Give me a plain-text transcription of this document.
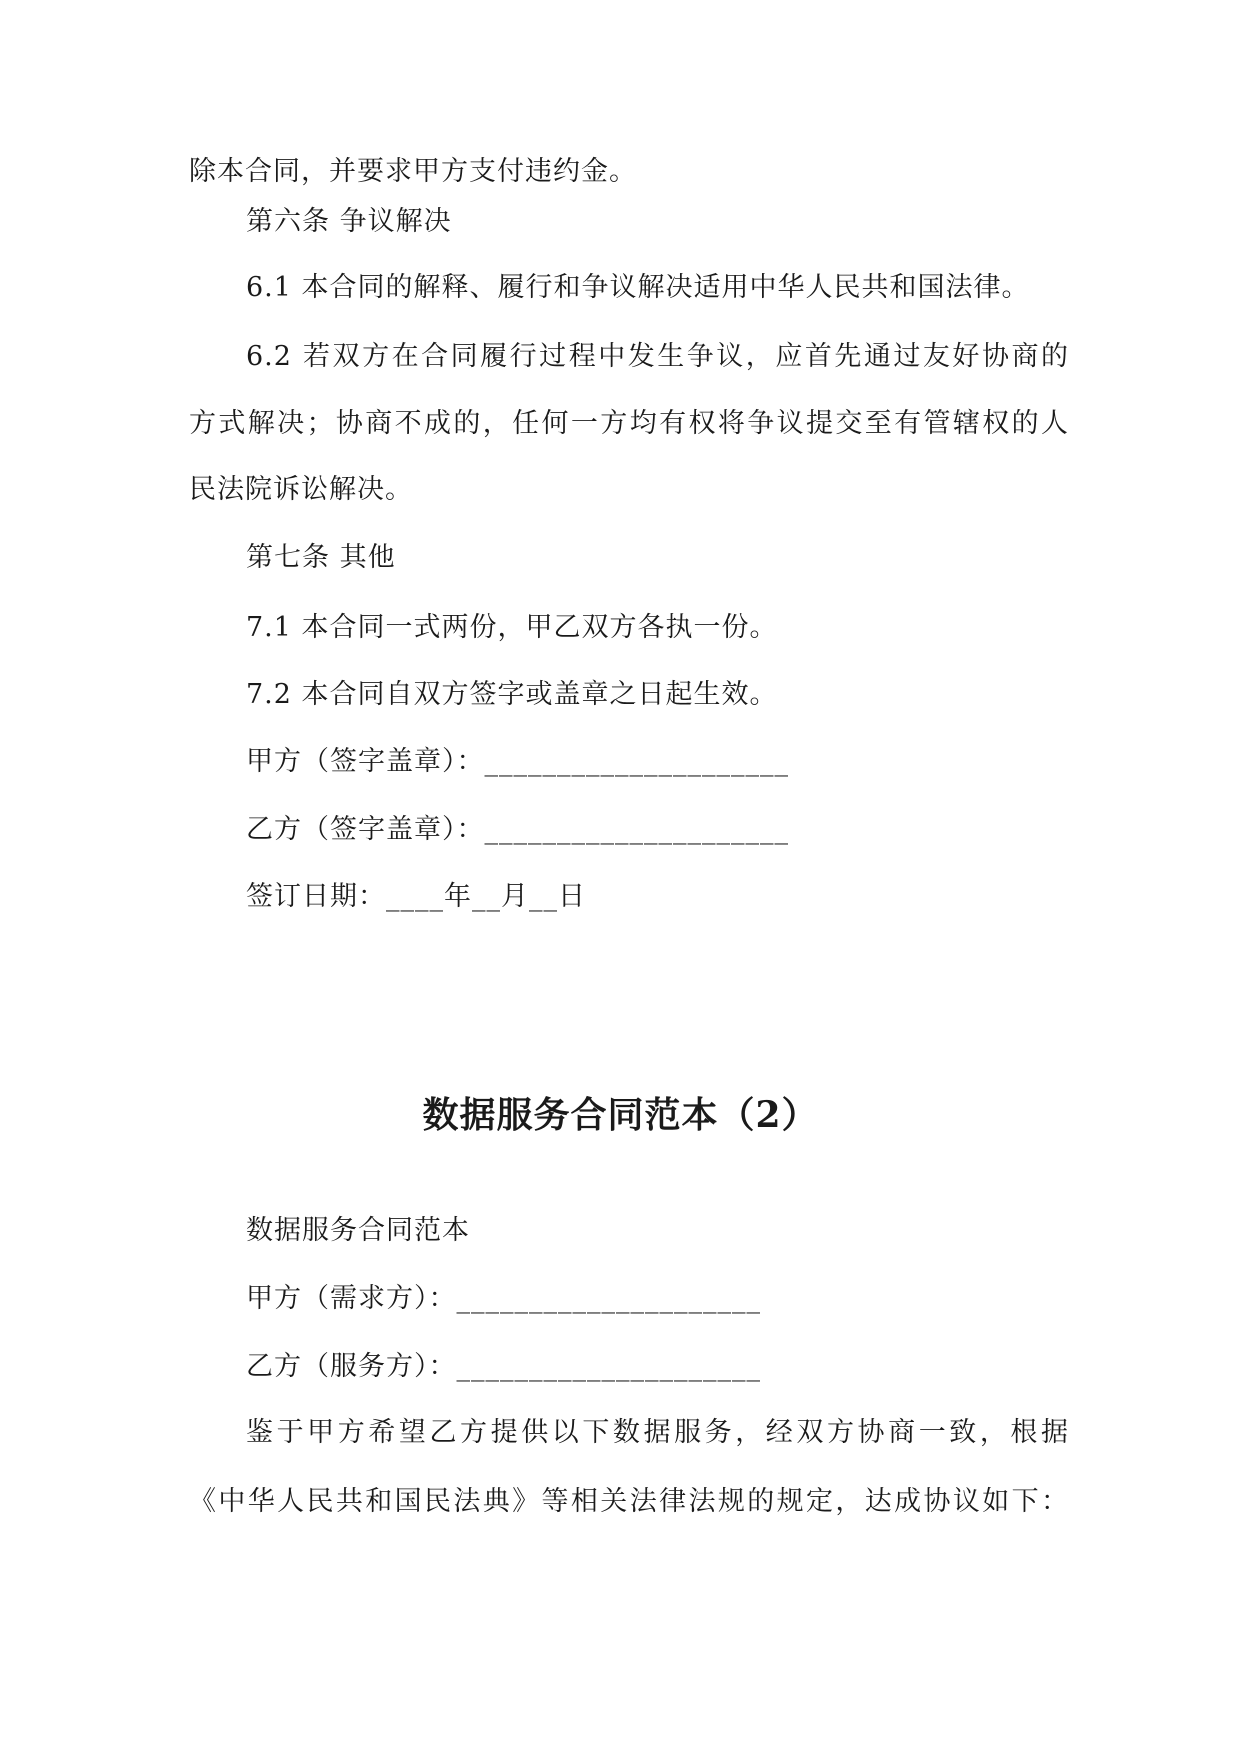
除本合同，并要求甲方支付违约金。
第六条 争议解决
6.1 本合同的解释、履行和争议解决适用中华人民共和国法律。
6.2 若双方在合同履行过程中发生争议，应首先通过友好协商的
方式解决；协商不成的，任何一方均有权将争议提交至有管辖权的人
民法院诉讼解决。
第七条 其他
7.1 本合同一式两份，甲乙双方各执一份。
7.2 本合同自双方签字或盖章之日起生效。
甲方（签字盖章）：_____________________
乙方（签字盖章）：_____________________
签订日期：____年__月__日
数据服务合同范本（2）
数据服务合同范本
甲方（需求方）：_____________________
乙方（服务方）：_____________________
鉴于甲方希望乙方提供以下数据服务，经双方协商一致，根据
《中华人民共和国民法典》等相关法律法规的规定，达成协议如下：
